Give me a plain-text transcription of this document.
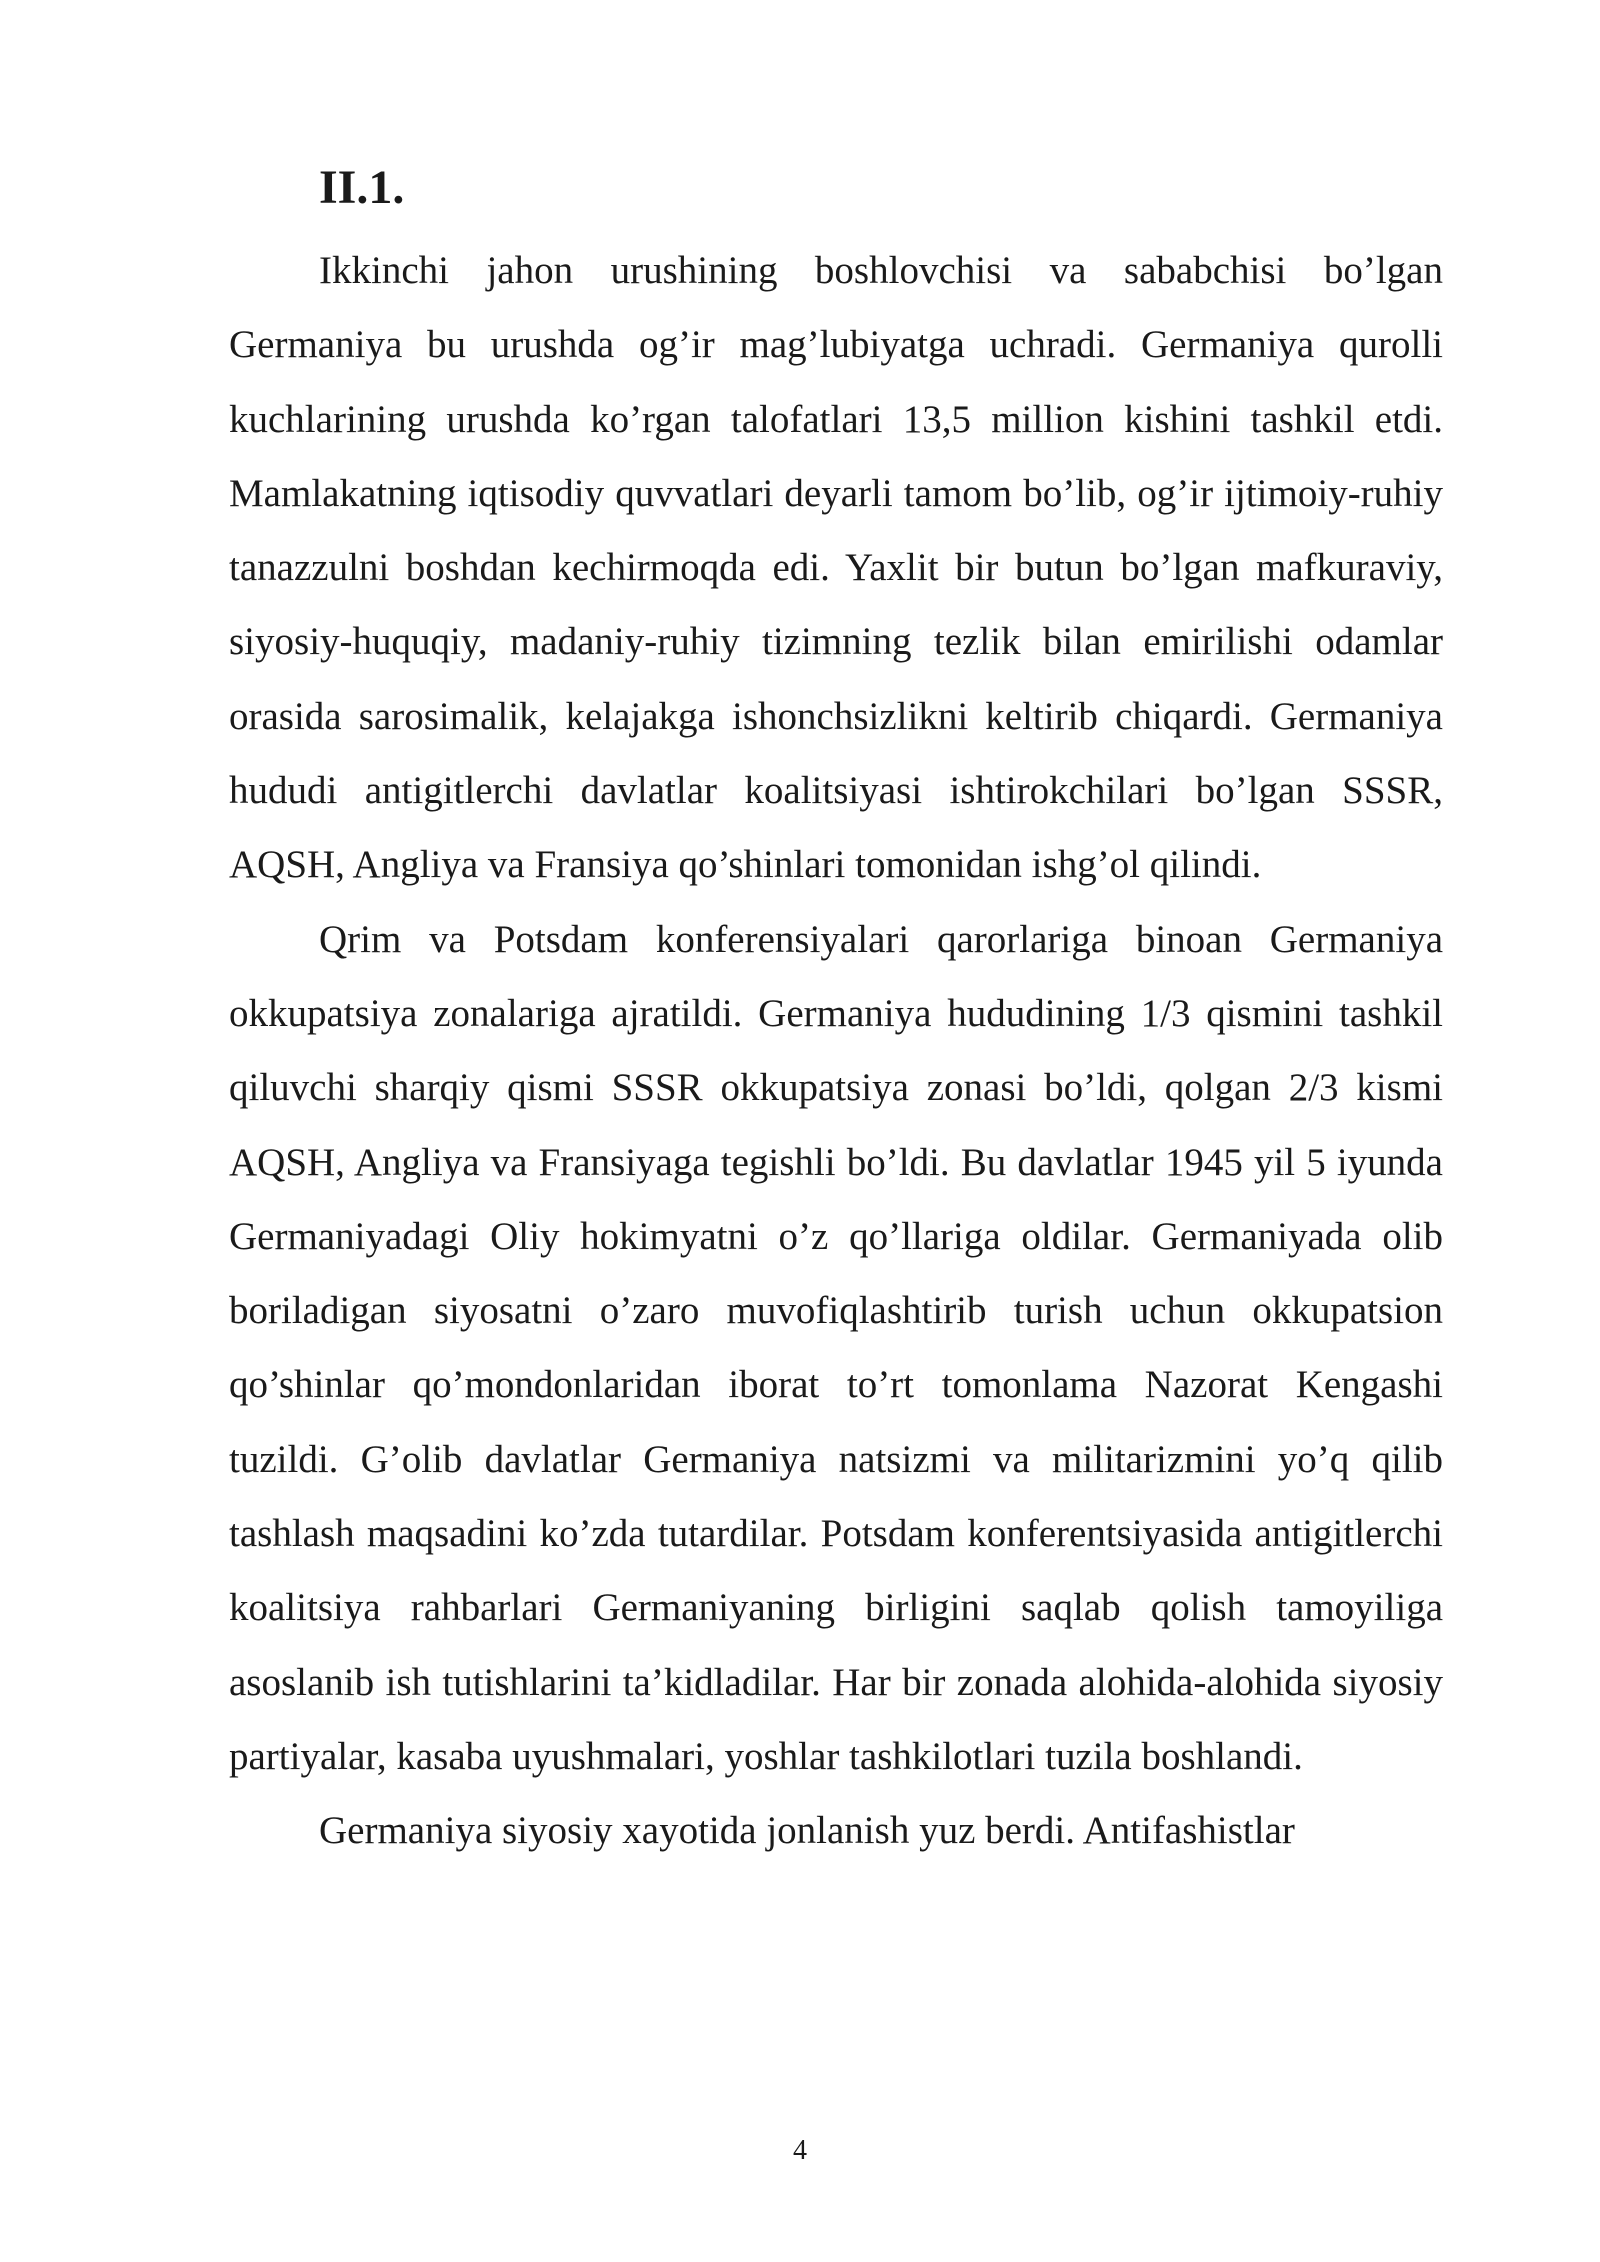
II.1.

Ikkinchi jahon urushining boshlovchisi va sababchisi bo’lgan Germaniya bu urushda og’ir mag’lubiyatga uchradi. Germaniya qurolli kuchlarining urushda ko’rgan talofatlari 13,5 million kishini tashkil etdi. Mamlakatning iqtisodiy quvvatlari deyarli tamom bo’lib, og’ir ijtimoiy-ruhiy tanazzulni boshdan kechirmoqda edi. Yaxlit bir butun bo’lgan mafkuraviy, siyosiy-huquqiy, madaniy-ruhiy tizimning tezlik bilan emirilishi odamlar orasida sarosimalik, kelajakga ishonchsizlikni keltirib chiqardi. Germaniya hududi antigitlerchi davlatlar koalitsiyasi ishtirokchilari bo’lgan SSSR, AQSH, Angliya va Fransiya qo’shinlari tomonidan ishg’ol qilindi.

Qrim va Potsdam konferensiyalari qarorlariga binoan Germaniya okkupatsiya zonalariga ajratildi. Germaniya hududining 1/3 qismini tashkil qiluvchi sharqiy qismi SSSR okkupatsiya zonasi bo’ldi, qolgan 2/3 kismi AQSH, Angliya va Fransiyaga tegishli bo’ldi. Bu davlatlar 1945 yil 5 iyunda Germaniyadagi Oliy hokimyatni o’z qo’llariga oldilar. Germaniyada olib boriladigan siyosatni o’zaro muvofiqlashtirib turish uchun okkupatsion qo’shinlar qo’mondonlaridan iborat to’rt tomonlama Nazorat Kengashi tuzildi. G’olib davlatlar Germaniya natsizmi va militarizmini yo’q qilib tashlash maqsadini ko’zda tutardilar. Potsdam konferentsiyasida antigitlerchi koalitsiya rahbarlari Germaniyaning birligini saqlab qolish tamoyiliga asoslanib ish tutishlarini ta’kidladilar. Har bir zonada alohida-alohida siyosiy partiyalar, kasaba uyushmalari, yoshlar tashkilotlari tuzila boshlandi.

Germaniya siyosiy xayotida jonlanish yuz berdi. Antifashistlar

4
